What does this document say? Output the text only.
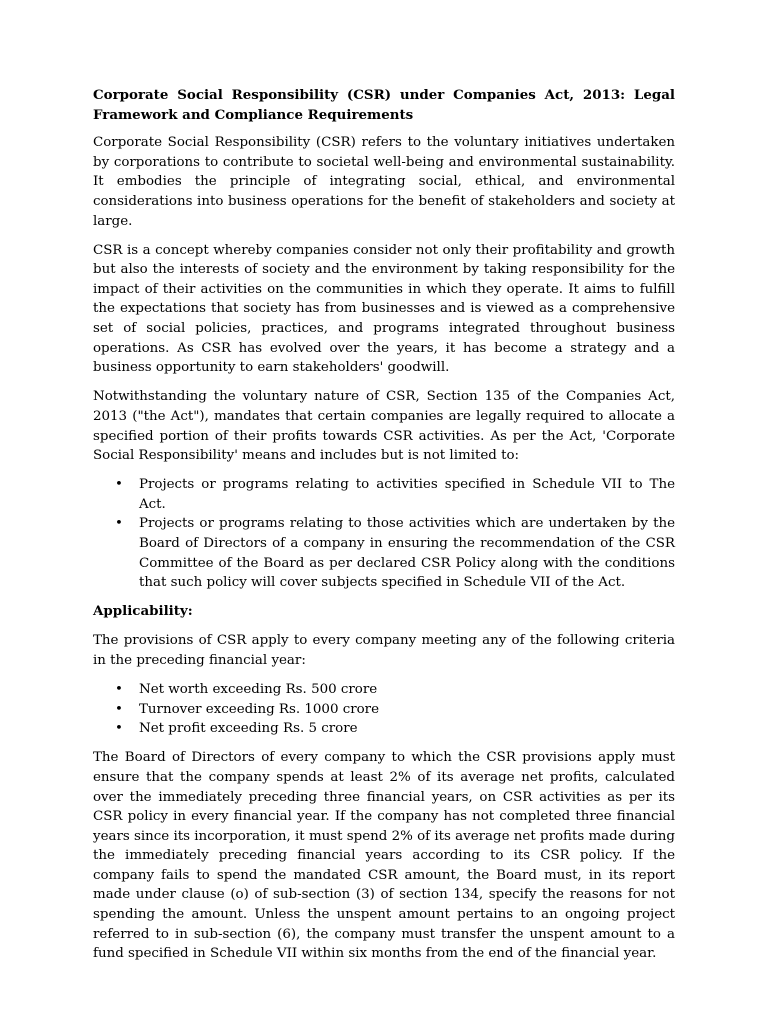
Corporate Social Responsibility (CSR) under Companies Act, 2013: Legal Framework and Compliance Requirements

Corporate Social Responsibility (CSR) refers to the voluntary initiatives undertaken by corporations to contribute to societal well-being and environmental sustainability. It embodies the principle of integrating social, ethical, and environmental considerations into business operations for the benefit of stakeholders and society at large.

CSR is a concept whereby companies consider not only their profitability and growth but also the interests of society and the environment by taking responsibility for the impact of their activities on the communities in which they operate. It aims to fulfill the expectations that society has from businesses and is viewed as a comprehensive set of social policies, practices, and programs integrated throughout business operations. As CSR has evolved over the years, it has become a strategy and a business opportunity to earn stakeholders' goodwill.

Notwithstanding the voluntary nature of CSR, Section 135 of the Companies Act, 2013 ("the Act"), mandates that certain companies are legally required to allocate a specified portion of their profits towards CSR activities. As per the Act, 'Corporate Social Responsibility' means and includes but is not limited to:

• Projects or programs relating to activities specified in Schedule VII to The Act.
• Projects or programs relating to those activities which are undertaken by the Board of Directors of a company in ensuring the recommendation of the CSR Committee of the Board as per declared CSR Policy along with the conditions that such policy will cover subjects specified in Schedule VII of the Act.
Applicability:

The provisions of CSR apply to every company meeting any of the following criteria in the preceding financial year:

• Net worth exceeding Rs. 500 crore
• Turnover exceeding Rs. 1000 crore
• Net profit exceeding Rs. 5 crore

The Board of Directors of every company to which the CSR provisions apply must ensure that the company spends at least 2% of its average net profits, calculated over the immediately preceding three financial years, on CSR activities as per its CSR policy in every financial year. If the company has not completed three financial years since its incorporation, it must spend 2% of its average net profits made during the immediately preceding financial years according to its CSR policy. If the company fails to spend the mandated CSR amount, the Board must, in its report made under clause (o) of sub-section (3) of section 134, specify the reasons for not spending the amount. Unless the unspent amount pertains to an ongoing project referred to in sub-section (6), the company must transfer the unspent amount to a fund specified in Schedule VII within six months from the end of the financial year.
